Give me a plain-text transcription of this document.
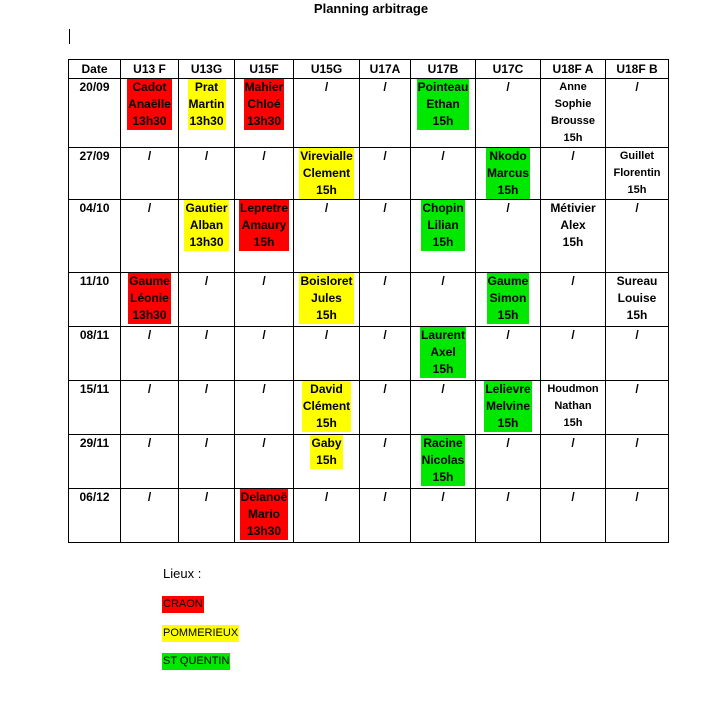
Planning arbitrage
Date	U13 F	U13G	U15F	U15G	U17A	U17B	U17C	U18F A	U18F B
20/09	Cadot
Anaëlle
13h30	Prat
Martin
13h30	Mahier
Chloé
13h30	/	/	Pointeau
Ethan
15h	/	Anne
Sophie
Brousse
15h	/
27/09	/	/	/	Virevialle
Clement
15h	/	/	Nkodo
Marcus
15h	/	Guillet
Florentin
15h
04/10	/	Gautier
Alban
13h30	Lepretre
Amaury
15h	/	/	Chopin
Lilian
15h	/	Métivier
Alex
15h	/
11/10	Gaume
Léonie
13h30	/	/	Boisloret
Jules
15h	/	/	Gaume
Simon
15h	/	Sureau
Louise
15h
08/11	/	/	/	/	/	Laurent
Axel
15h	/	/	/
15/11	/	/	/	David
Clément
15h	/	/	Lelievre
Melvine
15h	Houdmon
Nathan
15h	/
29/11	/	/	/	Gaby
15h	/	Racine
Nicolas
15h	/	/	/
06/12	/	/	Delanoë
Mario
13h30	/	/	/	/	/	/
Lieux :
CRAON
POMMERIEUX
ST QUENTIN
